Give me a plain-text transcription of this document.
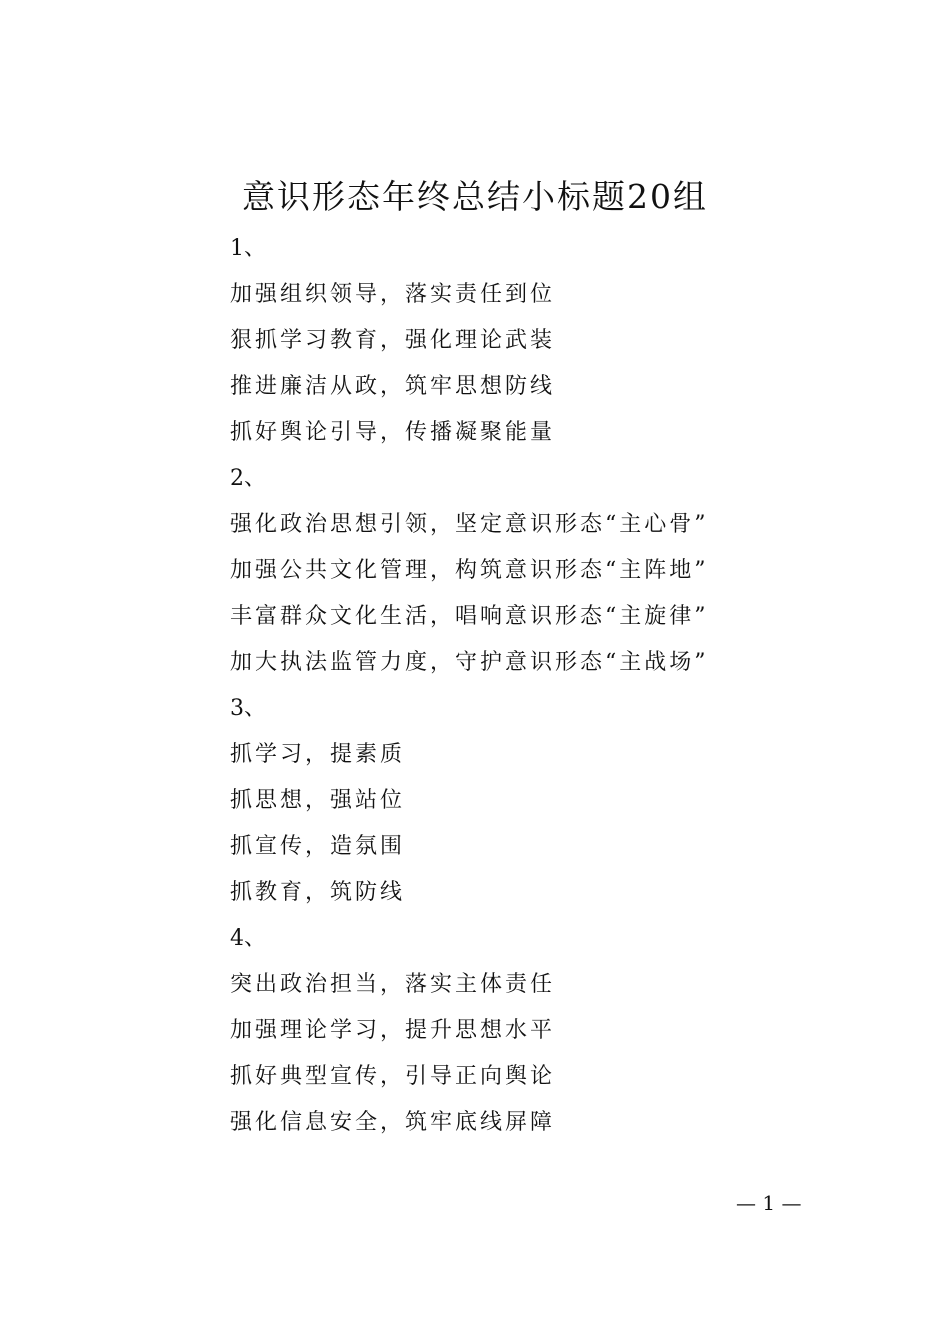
意识形态年终总结小标题20组

1、

加强组织领导，落实责任到位

狠抓学习教育，强化理论武装

推进廉洁从政，筑牢思想防线

抓好舆论引导，传播凝聚能量

2、

强化政治思想引领，坚定意识形态“主心骨”

加强公共文化管理，构筑意识形态“主阵地”

丰富群众文化生活，唱响意识形态“主旋律”

加大执法监管力度，守护意识形态“主战场”

3、

抓学习，提素质

抓思想，强站位

抓宣传，造氛围

抓教育，筑防线

4、

突出政治担当，落实主体责任

加强理论学习，提升思想水平

抓好典型宣传，引导正向舆论

强化信息安全，筑牢底线屏障

— 1 —
